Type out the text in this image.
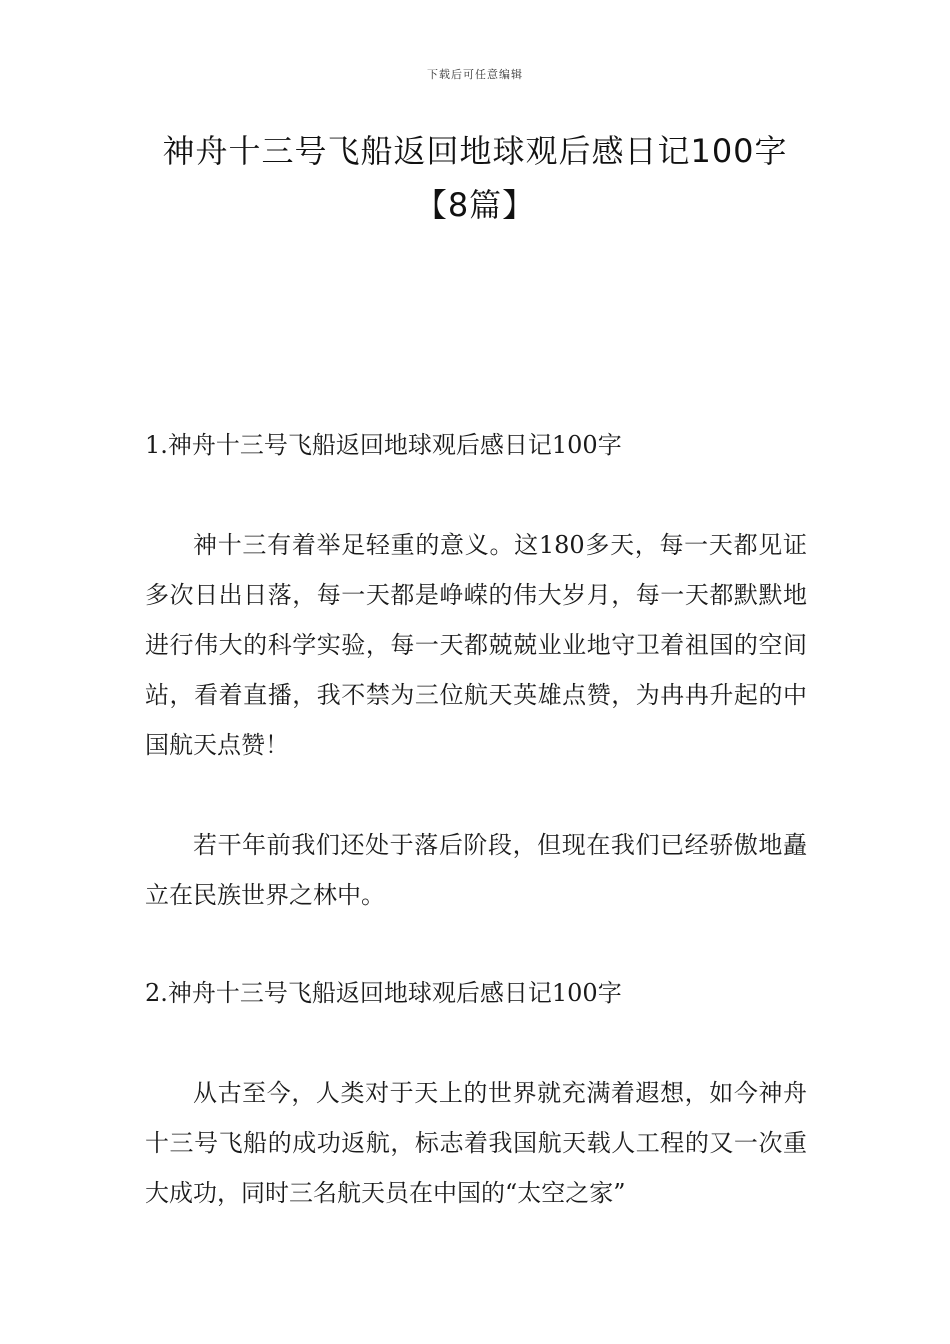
下载后可任意编辑
神舟十三号飞船返回地球观后感日记100字【8篇】
1.神舟十三号飞船返回地球观后感日记100字

神十三有着举足轻重的意义。这180多天，每一天都见证多次日出日落，每一天都是峥嵘的伟大岁月，每一天都默默地进行伟大的科学实验，每一天都兢兢业业地守卫着祖国的空间站，看着直播，我不禁为三位航天英雄点赞，为冉冉升起的中国航天点赞！

若干年前我们还处于落后阶段，但现在我们已经骄傲地矗立在民族世界之林中。

2.神舟十三号飞船返回地球观后感日记100字

从古至今，人类对于天上的世界就充满着遐想，如今神舟十三号飞船的成功返航，标志着我国航天载人工程的又一次重大成功，同时三名航天员在中国的“太空之家”
